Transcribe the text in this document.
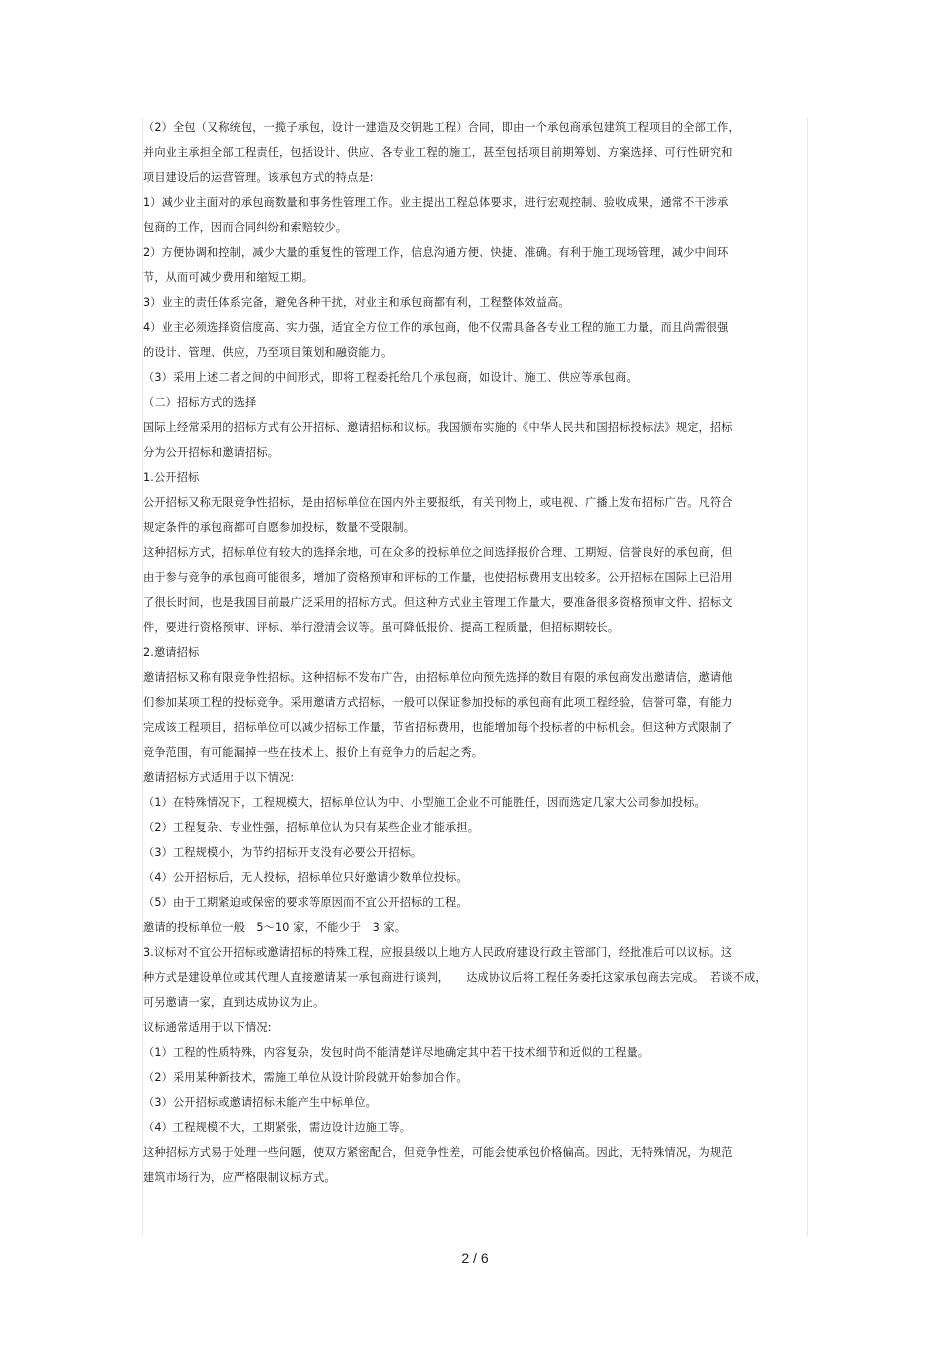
（2）全包（又称统包，一揽子承包，设计一建造及交钥匙工程）合同，即由一个承包商承包建筑工程项目的全部工作，
并向业主承担全部工程责任，包括设计、供应、各专业工程的施工，甚至包括项目前期筹划、方案选择、可行性研究和
项目建设后的运营管理。该承包方式的特点是:
1）减少业主面对的承包商数量和事务性管理工作。业主提出工程总体要求，进行宏观控制、验收成果，通常不干涉承
包商的工作，因而合同纠纷和索赔较少。
2）方便协调和控制，减少大量的重复性的管理工作，信息沟通方便、快捷、准确。有利于施工现场管理，减少中间环
节，从而可减少费用和缩短工期。
3）业主的责任体系完备，避免各种干扰，对业主和承包商都有利，工程整体效益高。
4）业主必须选择资信度高、实力强，适宜全方位工作的承包商，他不仅需具备各专业工程的施工力量，而且尚需很强
的设计、管理、供应，乃至项目策划和融资能力。
（3）采用上述二者之间的中间形式，即将工程委托给几个承包商，如设计、施工、供应等承包商。
（二）招标方式的选择
国际上经常采用的招标方式有公开招标、邀请招标和议标。我国颁布实施的《中华人民共和国招标投标法》规定，招标
分为公开招标和邀请招标。
1.公开招标
公开招标又称无限竞争性招标，是由招标单位在国内外主要报纸，有关刊物上，或电视、广播上发布招标广告。凡符合
规定条件的承包商都可自愿参加投标，数量不受限制。
这种招标方式，招标单位有较大的选择余地，可在众多的投标单位之间选择报价合理、工期短、信誉良好的承包商，但
由于参与竞争的承包商可能很多，增加了资格预审和评标的工作量，也使招标费用支出较多。公开招标在国际上已沿用
了很长时间，也是我国目前最广泛采用的招标方式。但这种方式业主管理工作量大，要准备很多资格预审文件、招标文
件，要进行资格预审、评标、举行澄清会议等。虽可降低报价、提高工程质量，但招标期较长。
2.邀请招标
邀请招标又称有限竞争性招标。这种招标不发布广告，由招标单位向预先选择的数目有限的承包商发出邀请信，邀请他
们参加某项工程的投标竞争。采用邀请方式招标，一般可以保证参加投标的承包商有此项工程经验，信誉可靠，有能力
完成该工程项目，招标单位可以减少招标工作量，节省招标费用，也能增加每个投标者的中标机会。但这种方式限制了
竞争范围，有可能漏掉一些在技术上、报价上有竞争力的后起之秀。
邀请招标方式适用于以下情况:
（1）在特殊情况下，工程规模大，招标单位认为中、小型施工企业不可能胜任，因而选定几家大公司参加投标。
（2）工程复杂、专业性强，招标单位认为只有某些企业才能承担。
（3）工程规模小，为节约招标开支没有必要公开招标。
（4）公开招标后，无人投标，招标单位只好邀请少数单位投标。
（5）由于工期紧迫或保密的要求等原因而不宜公开招标的工程。
邀请的投标单位一般　5～10 家，不能少于　3 家。
3.议标对不宜公开招标或邀请招标的特殊工程，应报县级以上地方人民政府建设行政主管部门，经批准后可以议标。这
种方式是建设单位或其代理人直接邀请某一承包商进行谈判，　　达成协议后将工程任务委托这家承包商去完成。　若谈不成，
可另邀请一家，直到达成协议为止。
议标通常适用于以下情况:
（1）工程的性质特殊，内容复杂，发包时尚不能清楚详尽地确定其中若干技术细节和近似的工程量。
（2）采用某种新技术，需施工单位从设计阶段就开始参加合作。
（3）公开招标或邀请招标未能产生中标单位。
（4）工程规模不大，工期紧张，需边设计边施工等。
这种招标方式易于处理一些问题，使双方紧密配合，但竞争性差，可能会使承包价格偏高。因此，无特殊情况，为规范
建筑市场行为，应严格限制议标方式。
2 / 6
